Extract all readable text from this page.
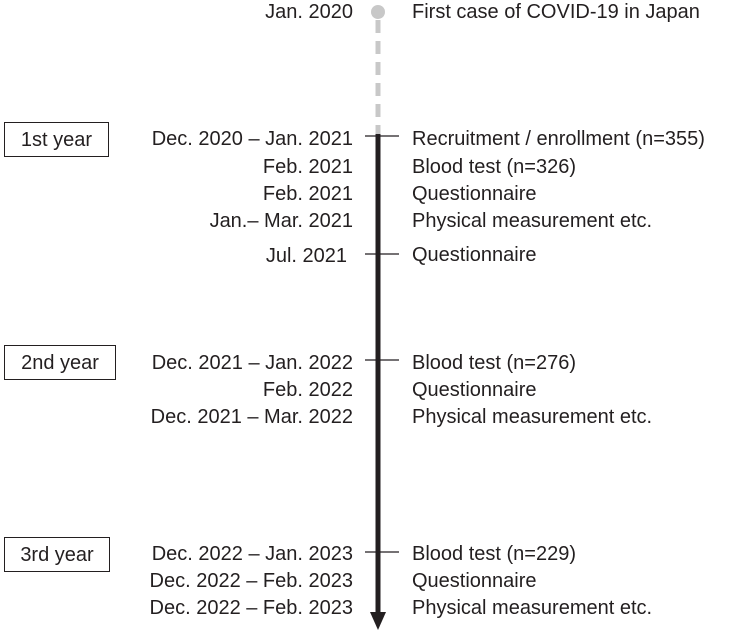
Jan. 2020	First case of COVID-19 in Japan
1st year	Dec. 2020 – Jan. 2021	Recruitment / enrollment (n=355)
Feb. 2021	Blood test (n=326)
Feb. 2021	Questionnaire
Jan.– Mar. 2021	Physical measurement etc.
Jul. 2021	Questionnaire
2nd year	Dec. 2021 – Jan. 2022	Blood test (n=276)
Feb. 2022	Questionnaire
Dec. 2021 – Mar. 2022	Physical measurement etc.
3rd year	Dec. 2022 – Jan. 2023	Blood test (n=229)
Dec. 2022 – Feb. 2023	Questionnaire
Dec. 2022 – Feb. 2023	Physical measurement etc.
